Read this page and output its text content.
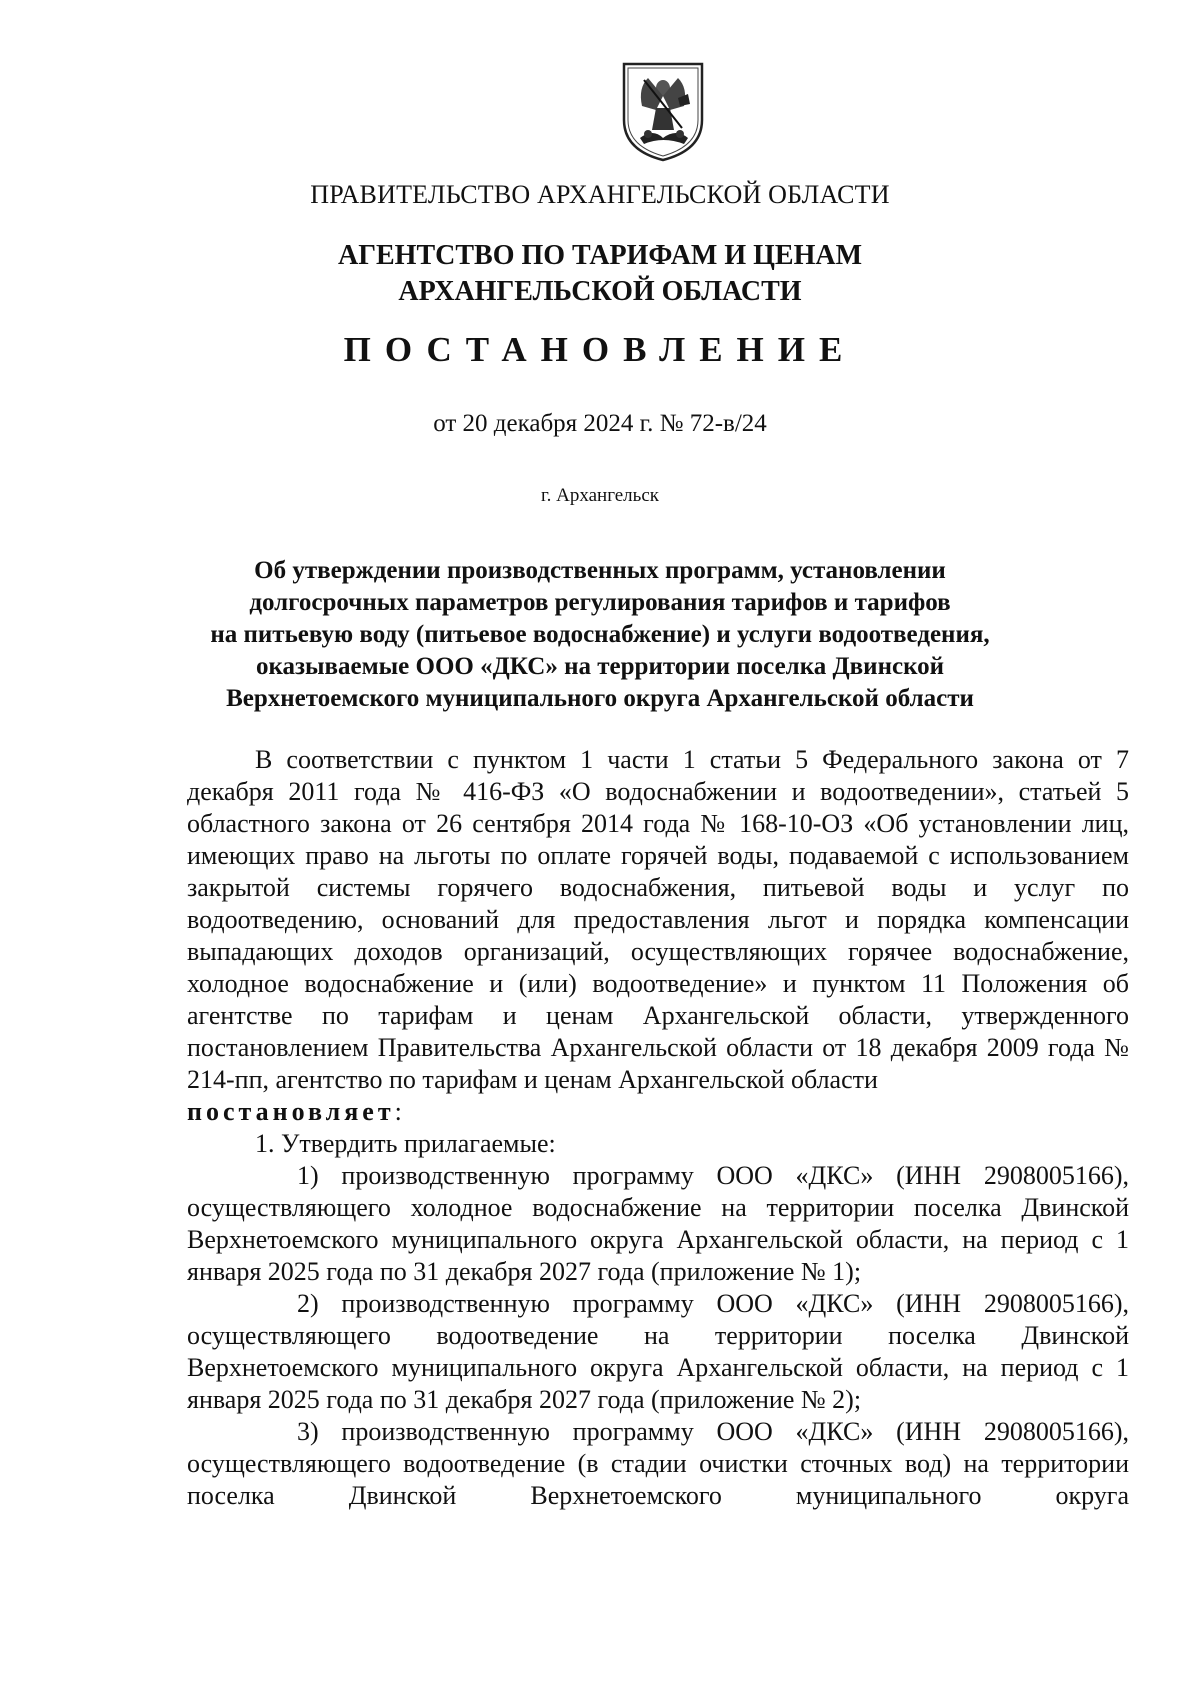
ПРАВИТЕЛЬСТВО АРХАНГЕЛЬСКОЙ ОБЛАСТИ
АГЕНТСТВО ПО ТАРИФАМ И ЦЕНАМ
АРХАНГЕЛЬСКОЙ ОБЛАСТИ
ПОСТАНОВЛЕНИЕ
от 20 декабря 2024 г. № 72-в/24
г. Архангельск
Об утверждении производственных программ, установлении
долгосрочных параметров регулирования тарифов и тарифов
на питьевую воду (питьевое водоснабжение) и услуги водоотведения,
оказываемые ООО «ДКС» на территории поселка Двинской
Верхнетоемского муниципального округа Архангельской области

В соответствии с пунктом 1 части 1 статьи 5 Федерального закона от 7 декабря 2011 года № 416-ФЗ «О водоснабжении и водоотведении», статьей 5 областного закона от 26 сентября 2014 года № 168-10-ОЗ «Об установлении лиц, имеющих право на льготы по оплате горячей воды, подаваемой с использованием закрытой системы горячего водоснабжения, питьевой воды и услуг по водоотведению, оснований для предоставления льгот и порядка компенсации выпадающих доходов организаций, осуществляющих горячее водоснабжение, холодное водоснабжение и (или) водоотведение» и пунктом 11 Положения об агентстве по тарифам и ценам Архангельской области, утвержденного постановлением Правительства Архангельской области от 18 декабря 2009 года № 214-пп, агентство по тарифам и ценам Архангельской области

постановляет:

1. Утвердить прилагаемые:

1) производственную программу ООО «ДКС» (ИНН 2908005166), осуществляющего холодное водоснабжение на территории поселка Двинской Верхнетоемского муниципального округа Архангельской области, на период с 1 января 2025 года по 31 декабря 2027 года (приложение № 1);

2) производственную программу ООО «ДКС» (ИНН 2908005166), осуществляющего водоотведение на территории поселка Двинской Верхнетоемского муниципального округа Архангельской области, на период с 1 января 2025 года по 31 декабря 2027 года (приложение № 2);

3) производственную программу ООО «ДКС» (ИНН 2908005166), осуществляющего водоотведение (в стадии очистки сточных вод) на территории поселка Двинской Верхнетоемского муниципального округа
